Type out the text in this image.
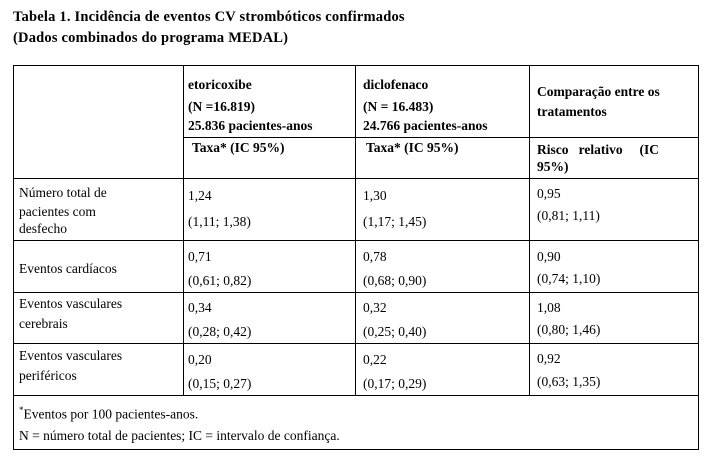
Tabela 1. Incidência de eventos CV strombóticos confirmados
(Dados combinados do programa MEDAL)
etoricoxibe
(N =16.819)
25.836 pacientes-anos
Taxa* (IC 95%)
diclofenaco
(N = 16.483)
24.766 pacientes-anos
Taxa* (IC 95%)
Comparação entre os
tratamentos
Risco   relativo     (IC
95%)
Número total de
pacientes com
desfecho
1,24
(1,11; 1,38)
1,30
(1,17; 1,45)
0,95
(0,81; 1,11)
Eventos cardíacos
0,71
(0,61; 0,82)
0,78
(0,68; 0,90)
0,90
(0,74; 1,10)
Eventos vasculares
cerebrais
0,34
(0,28; 0,42)
0,32
(0,25; 0,40)
1,08
(0,80; 1,46)
Eventos vasculares
periféricos
0,20
(0,15; 0,27)
0,22
(0,17; 0,29)
0,92
(0,63; 1,35)
*Eventos por 100 pacientes-anos.
N = número total de pacientes; IC = intervalo de confiança.
